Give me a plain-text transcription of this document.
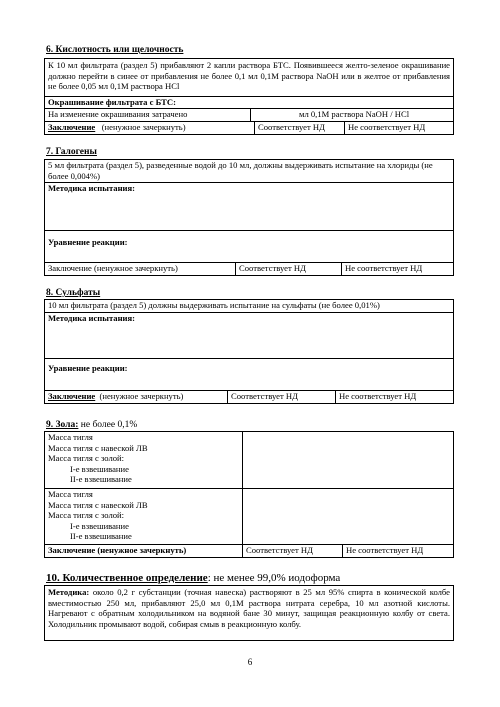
6. Кислотность или щелочность
К 10 мл фильтрата (раздел 5) прибавляют 2 капли раствора БТС. Появившееся желто-зеленое окрашивание должно перейти в синее от прибавления не более 0,1 мл 0,1М раствора NaOH или в желтое от прибавления не более 0,05 мл 0,1М раствора HCl
Окрашивание фильтрата с БТС:
На изменение окрашивания затрачено	мл 0,1М раствора NaOH / HCl
Заключение (ненужное зачеркнуть)	Соответствует НД	Не соответствует НД
7. Галогены
5 мл фильтрата (раздел 5), разведенные водой до 10 мл, должны выдерживать испытание на хлориды (не более 0,004%)
Методика испытания:
Уравнение реакции:
Заключение (ненужное зачеркнуть)	Соответствует НД	Не соответствует НД
8. Сульфаты
10 мл фильтрата (раздел 5) должны выдерживать испытание на сульфаты (не более 0,01%)
Методика испытания:
Уравнение реакции:
Заключение (ненужное зачеркнуть)	Соответствует НД	Не соответствует НД
9. Зола: не более 0,1%
Масса тигля
Масса тигля с навеской ЛВ
Масса тигля с золой:
I-е взвешивание
II-е взвешивание
Масса тигля
Масса тигля с навеской ЛВ
Масса тигля с золой:
I-е взвешивание
II-е взвешивание
Заключение (ненужное зачеркнуть)	Соответствует НД	Не соответствует НД
10. Количественное определение: не менее 99,0% иодоформа
Методика: около 0,2 г субстанции (точная навеска) растворяют в 25 мл 95% спирта в конической колбе вместимостью 250 мл, прибавляют 25,0 мл 0,1М раствора нитрата серебра, 10 мл азотной кислоты. Нагревают с обратным холодильником на водяной бане 30 минут, защищая реакционную колбу от света. Холодильник промывают водой, собирая смыв в реакционную колбу.
6
